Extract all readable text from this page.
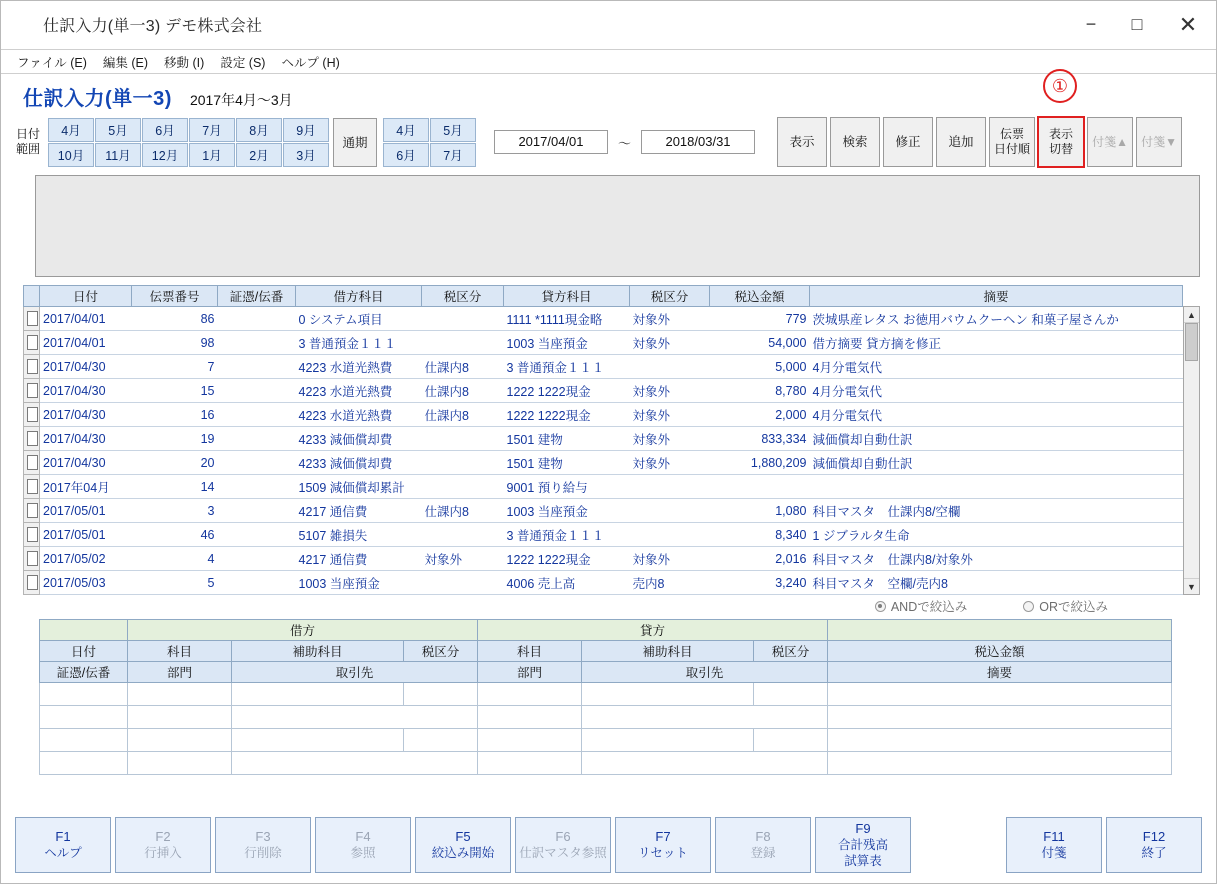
仕訳入力(単一3) デモ株式会社	−	□	✕
ファイル (E)	編集 (E)	移動 (I)	設定 (S)	ヘルプ (H)
仕訳入力(単一3) 2017年4月～3月
日付
範囲
4月	5月	6月	7月	8月	9月
10月	11月	12月	1月	2月	3月
通期
4月	5月
6月	7月
2017/04/01	～	2018/03/31	表示	検索	修正	追加
伝票
日付順
表示
切替
付箋▲	付箋▼
①
	日付	伝票番号	証憑/伝番	借方科目	税区分	貸方科目	税区分	税込金額	摘要
	2017/04/01	86		0 システム項目		1111 *1111現金略	対象外	779	茨城県産レタス お徳用バウムクーヘン 和菓子屋さんか
	2017/04/01	98		3 普通預金１１１		1003 当座預金	対象外	54,000	借方摘要 貸方摘を修正
	2017/04/30	7		4223 水道光熱費	仕課内8	3 普通預金１１１		5,000	4月分電気代
	2017/04/30	15		4223 水道光熱費	仕課内8	1222 1222現金	対象外	8,780	4月分電気代
	2017/04/30	16		4223 水道光熱費	仕課内8	1222 1222現金	対象外	2,000	4月分電気代
	2017/04/30	19		4233 減価償却費		1501 建物	対象外	833,334	減価償却自動仕訳
	2017/04/30	20		4233 減価償却費		1501 建物	対象外	1,880,209	減価償却自動仕訳
	2017年04月	14		1509 減価償却累計		9001 預り給与			
	2017/05/01	3		4217 通信費	仕課内8	1003 当座預金		1,080	科目マスタ　仕課内8/空欄
	2017/05/01	46		5107 雑損失		3 普通預金１１１		8,340	1 ジブラルタ生命
	2017/05/02	4		4217 通信費	対象外	1222 1222現金	対象外	2,016	科目マスタ　仕課内8/対象外
	2017/05/03	5		1003 当座預金		4006 売上高	売内8	3,240	科目マスタ　空欄/売内8
▲
▼
ANDで絞込み	ORで絞込み
	借方			貸方			
日付	科目	補助科目	税区分	科目	補助科目	税区分	税込金額
証憑/伝番	部門	取引先		部門	取引先		摘要

F1
ヘルプ
F2
行挿入
F3
行削除
F4
参照
F5
絞込み開始
F6
仕訳マスタ参照
F7
リセット
F8
登録
F9
合計残高
試算表
F11
付箋
F12
終了
